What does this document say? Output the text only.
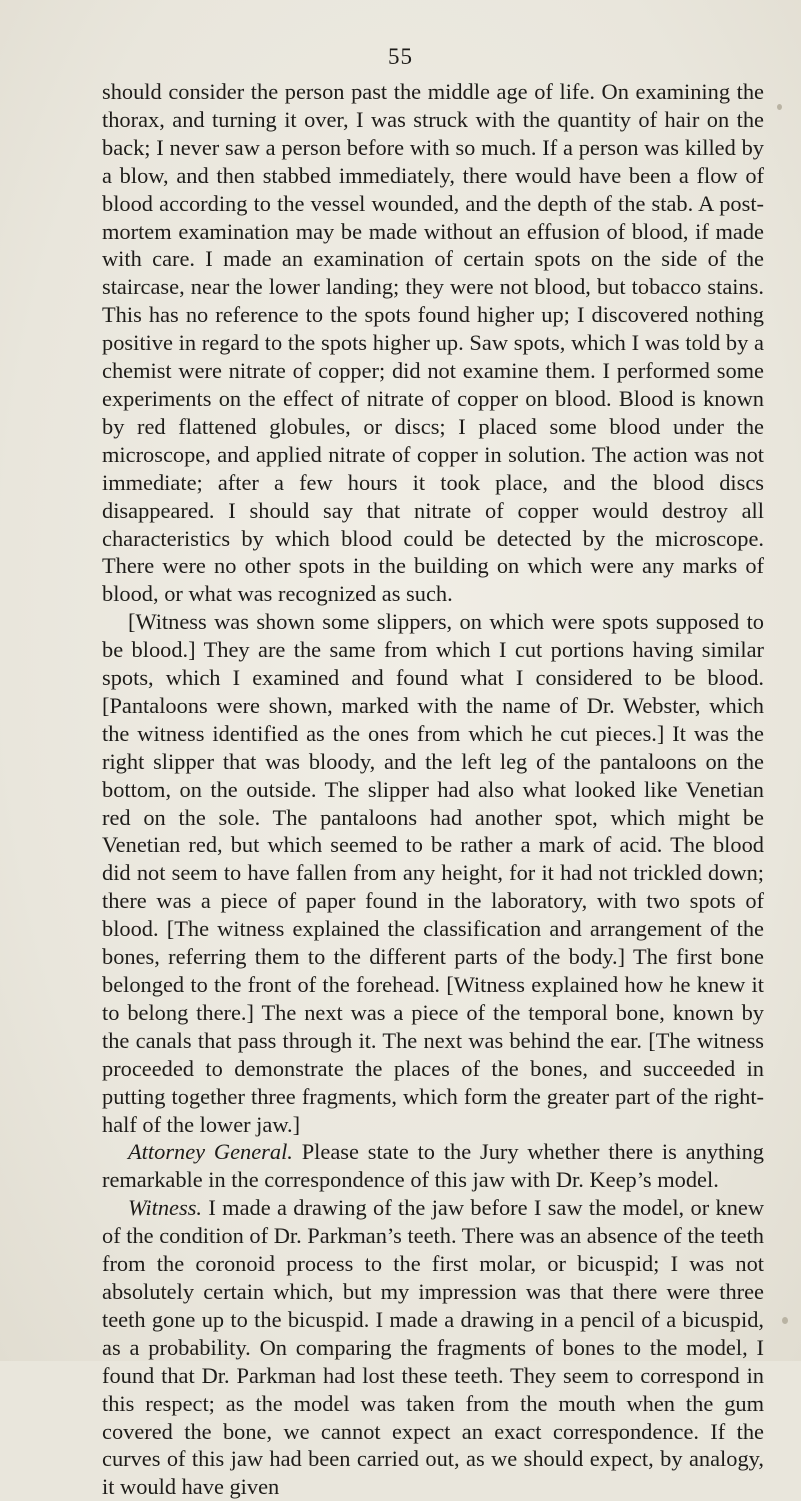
55

should consider the person past the middle age of life. On examining the thorax, and turning it over, I was struck with the quantity of hair on the back; I never saw a person before with so much. If a person was killed by a blow, and then stabbed immediately, there would have been a flow of blood according to the vessel wounded, and the depth of the stab. A post-mortem examination may be made without an effusion of blood, if made with care. I made an examination of certain spots on the side of the staircase, near the lower landing; they were not blood, but tobacco stains. This has no reference to the spots found higher up; I discovered nothing positive in regard to the spots higher up. Saw spots, which I was told by a chemist were nitrate of copper; did not examine them. I performed some experiments on the effect of nitrate of copper on blood. Blood is known by red flattened globules, or discs; I placed some blood under the microscope, and applied nitrate of copper in solution. The action was not immediate; after a few hours it took place, and the blood discs disappeared. I should say that nitrate of copper would destroy all characteristics by which blood could be detected by the microscope. There were no other spots in the building on which were any marks of blood, or what was recognized as such.

[Witness was shown some slippers, on which were spots supposed to be blood.] They are the same from which I cut portions having similar spots, which I examined and found what I considered to be blood. [Pantaloons were shown, marked with the name of Dr. Webster, which the witness identified as the ones from which he cut pieces.] It was the right slipper that was bloody, and the left leg of the pantaloons on the bottom, on the outside. The slipper had also what looked like Venetian red on the sole. The pantaloons had another spot, which might be Venetian red, but which seemed to be rather a mark of acid. The blood did not seem to have fallen from any height, for it had not trickled down; there was a piece of paper found in the laboratory, with two spots of blood. [The witness explained the classification and arrangement of the bones, referring them to the different parts of the body.] The first bone belonged to the front of the forehead. [Witness explained how he knew it to belong there.] The next was a piece of the temporal bone, known by the canals that pass through it. The next was behind the ear. [The witness proceeded to demonstrate the places of the bones, and succeeded in putting together three fragments, which form the greater part of the right-half of the lower jaw.]

Attorney General. Please state to the Jury whether there is anything remarkable in the correspondence of this jaw with Dr. Keep’s model.

Witness. I made a drawing of the jaw before I saw the model, or knew of the condition of Dr. Parkman’s teeth. There was an absence of the teeth from the coronoid process to the first molar, or bicuspid; I was not absolutely certain which, but my impression was that there were three teeth gone up to the bicuspid. I made a drawing in a pencil of a bicuspid, as a probability. On comparing the fragments of bones to the model, I found that Dr. Parkman had lost these teeth. They seem to correspond in this respect; as the model was taken from the mouth when the gum covered the bone, we cannot expect an exact correspondence. If the curves of this jaw had been carried out, as we should expect, by analogy, it would have given
